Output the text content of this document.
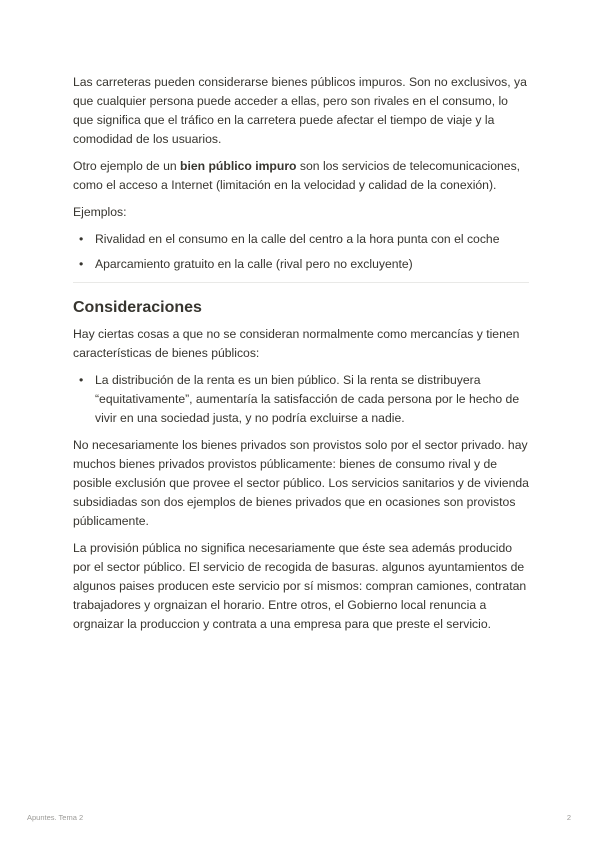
Las carreteras pueden considerarse bienes públicos impuros. Son no exclusivos, ya que cualquier persona puede acceder a ellas, pero son rivales en el consumo, lo que significa que el tráfico en la carretera puede afectar el tiempo de viaje y la comodidad de los usuarios.

Otro ejemplo de un bien público impuro son los servicios de telecomunicaciones, como el acceso a Internet (limitación en la velocidad y calidad de la conexión).

Ejemplos:

• Rivalidad en el consumo en la calle del centro a la hora punta con el coche
• Aparcamiento gratuito en la calle (rival pero no excluyente)
Consideraciones

Hay ciertas cosas a que no se consideran normalmente como mercancías y tienen características de bienes públicos:

• La distribución de la renta es un bien público. Si la renta se distribuyera “equitativamente”, aumentaría la satisfacción de cada persona por le hecho de vivir en una sociedad justa, y no podría excluirse a nadie.

No necesariamente los bienes privados son provistos solo por el sector privado. hay muchos bienes privados provistos públicamente: bienes de consumo rival y de posible exclusión que provee el sector público. Los servicios sanitarios y de vivienda subsidiadas son dos ejemplos de bienes privados que en ocasiones son provistos públicamente.

La provisión pública no significa necesariamente que éste sea además producido por el sector público. El servicio de recogida de basuras. algunos ayuntamientos de algunos paises producen este servicio por sí mismos: compran camiones, contratan trabajadores y orgnaizan el horario. Entre otros, el Gobierno local renuncia a orgnaizar la produccion y contrata a una empresa para que preste el servicio.

Apuntes. Tema 2	2
